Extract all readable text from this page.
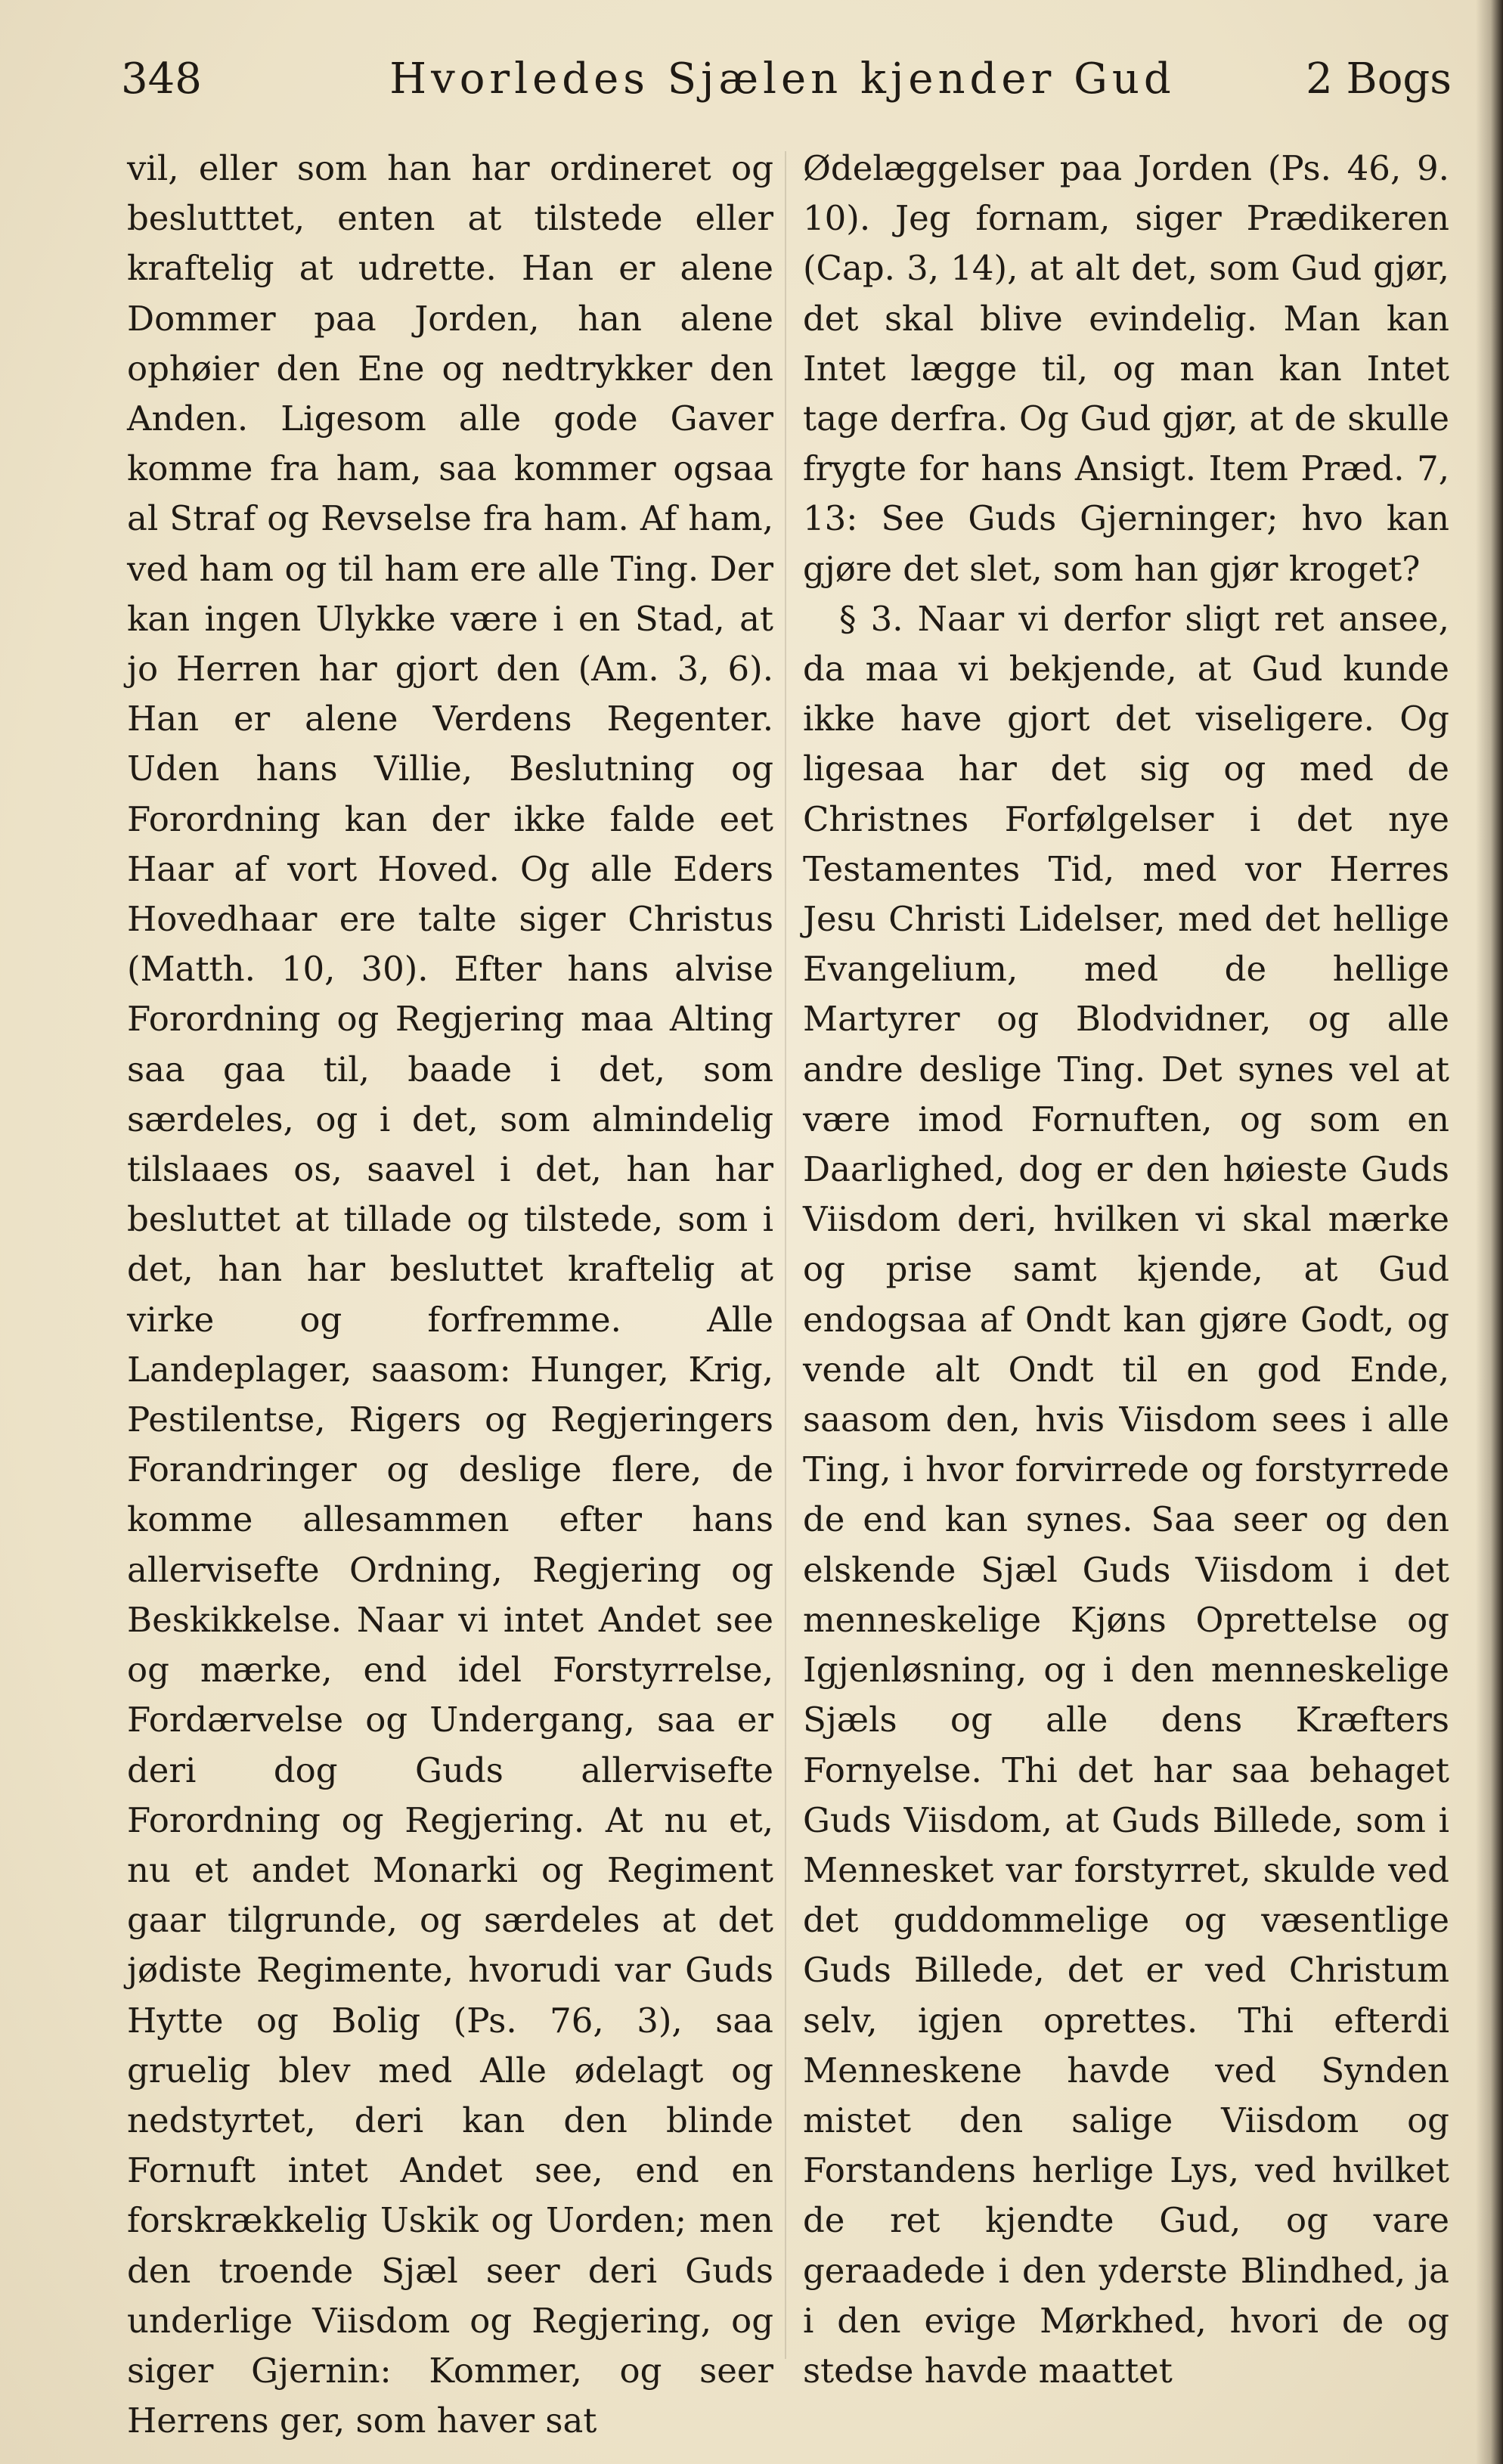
348	Hvorledes Sjælen kjender Gud	2 Bogs

vil, eller som han har ordineret og beslutttet, enten at tilstede eller kraftelig at udrette. Han er alene Dommer paa Jorden, han alene ophøier den Ene og nedtrykker den Anden. Ligesom alle gode Gaver komme fra ham, saa kommer ogsaa al Straf og Revselse fra ham. Af ham, ved ham og til ham ere alle Ting. Der kan ingen Ulykke være i en Stad, at jo Herren har gjort den (Am. 3, 6). Han er alene Verdens Regenter. Uden hans Villie, Beslutning og Forordning kan der ikke falde eet Haar af vort Hoved. Og alle Eders Hovedhaar ere talte siger Christus (Matth. 10, 30). Efter hans alvise Forordning og Regjering maa Alting saa gaa til, baade i det, som særdeles, og i det, som almindelig tilslaaes os, saavel i det, han har besluttet at tillade og tilstede, som i det, han har besluttet kraftelig at virke og forfremme. Alle Landeplager, saasom: Hunger, Krig, Pestilentse, Rigers og Regjeringers Forandringer og deslige flere, de komme allesammen efter hans allervisefte Ordning, Regjering og Beskikkelse. Naar vi intet Andet see og mærke, end idel Forstyrrelse, Fordærvelse og Undergang, saa er deri dog Guds allervisefte Forordning og Regjering. At nu et, nu et andet Monarki og Regiment gaar tilgrunde, og særdeles at det jødiste Regimente, hvorudi var Guds Hytte og Bolig (Ps. 76, 3), saa gruelig blev med Alle ødelagt og nedstyrtet, deri kan den blinde Fornuft intet Andet see, end en forskrækkelig Uskik og Uorden; men den troende Sjæl seer deri Guds underlige Viisdom og Regjering, og siger Gjernin: Kommer, og seer Herrens ger, som haver sat

Ødelæggelser paa Jorden (Ps. 46, 9. 10). Jeg fornam, siger Prædikeren (Cap. 3, 14), at alt det, som Gud gjør, det skal blive evindelig. Man kan Intet lægge til, og man kan Intet tage derfra. Og Gud gjør, at de skulle frygte for hans Ansigt. Item Præd. 7, 13: See Guds Gjerninger; hvo kan gjøre det slet, som han gjør kroget?

§ 3. Naar vi derfor sligt ret ansee, da maa vi bekjende, at Gud kunde ikke have gjort det viseligere. Og ligesaa har det sig og med de Christnes Forfølgelser i det nye Testamentes Tid, med vor Herres Jesu Christi Lidelser, med det hellige Evangelium, med de hellige Martyrer og Blodvidner, og alle andre deslige Ting. Det synes vel at være imod Fornuften, og som en Daarlighed, dog er den høieste Guds Viisdom deri, hvilken vi skal mærke og prise samt kjende, at Gud endogsaa af Ondt kan gjøre Godt, og vende alt Ondt til en god Ende, saasom den, hvis Viisdom sees i alle Ting, i hvor forvirrede og forstyrrede de end kan synes. Saa seer og den elskende Sjæl Guds Viisdom i det menneskelige Kjøns Oprettelse og Igjenløsning, og i den menneskelige Sjæls og alle dens Kræfters Fornyelse. Thi det har saa behaget Guds Viisdom, at Guds Billede, som i Mennesket var forstyrret, skulde ved det guddommelige og væsentlige Guds Billede, det er ved Christum selv, igjen oprettes. Thi efterdi Menneskene havde ved Synden mistet den salige Viisdom og Forstandens herlige Lys, ved hvilket de ret kjendte Gud, og vare geraadede i den yderste Blindhed, ja i den evige Mørkhed, hvori de og stedse havde maattet
